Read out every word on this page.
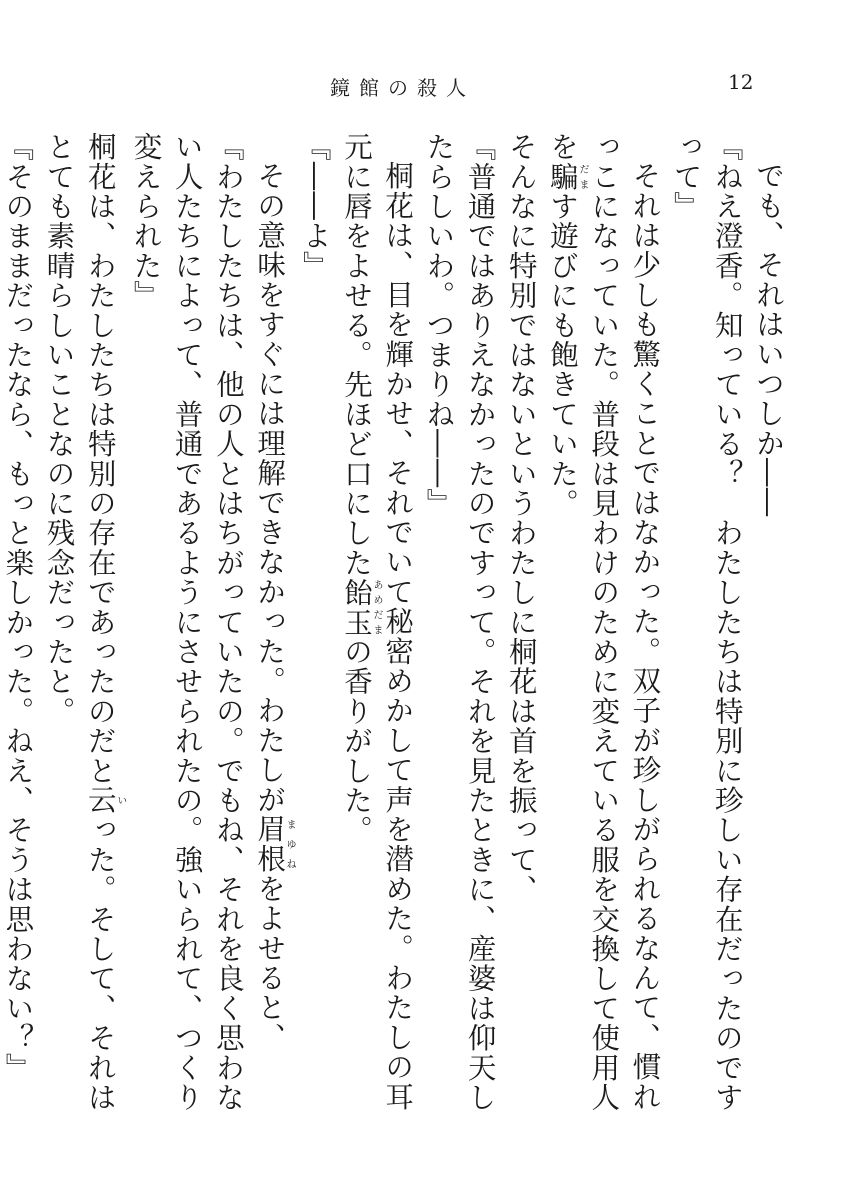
鏡館の殺人	12

でも、それはいつしか――

『ねえ澄香。知っている？　わたしたちは特別に珍しい存在だったのですって』

それは少しも驚くことではなかった。双子が珍しがられるなんて、慣れっこになっていた。普段は見わけのために変えている服を交換して使用人を騙だます遊びにも飽きていた。

そんなに特別ではないというわたしに桐花は首を振って、

『普通ではありえなかったのですって。それを見たときに、産婆は仰天したらしいわ。つまりね――』

桐花は、目を輝かせ、それでいて秘密めかして声を潜めた。わたしの耳元に唇をよせる。先ほど口にした飴玉あめだまの香りがした。

『――よ』

その意味をすぐには理解できなかった。わたしが眉根まゆねをよせると、

『わたしたちは、他の人とはちがっていたの。でもね、それを良く思わない人たちによって、普通であるようにさせられたの。強いられて、つくり変えられた』

桐花は、わたしたちは特別の存在であったのだと云いった。そして、それはとても素晴らしいことなのに残念だったと。

『そのままだったなら、もっと楽しかった。ねえ、そうは思わない？』
